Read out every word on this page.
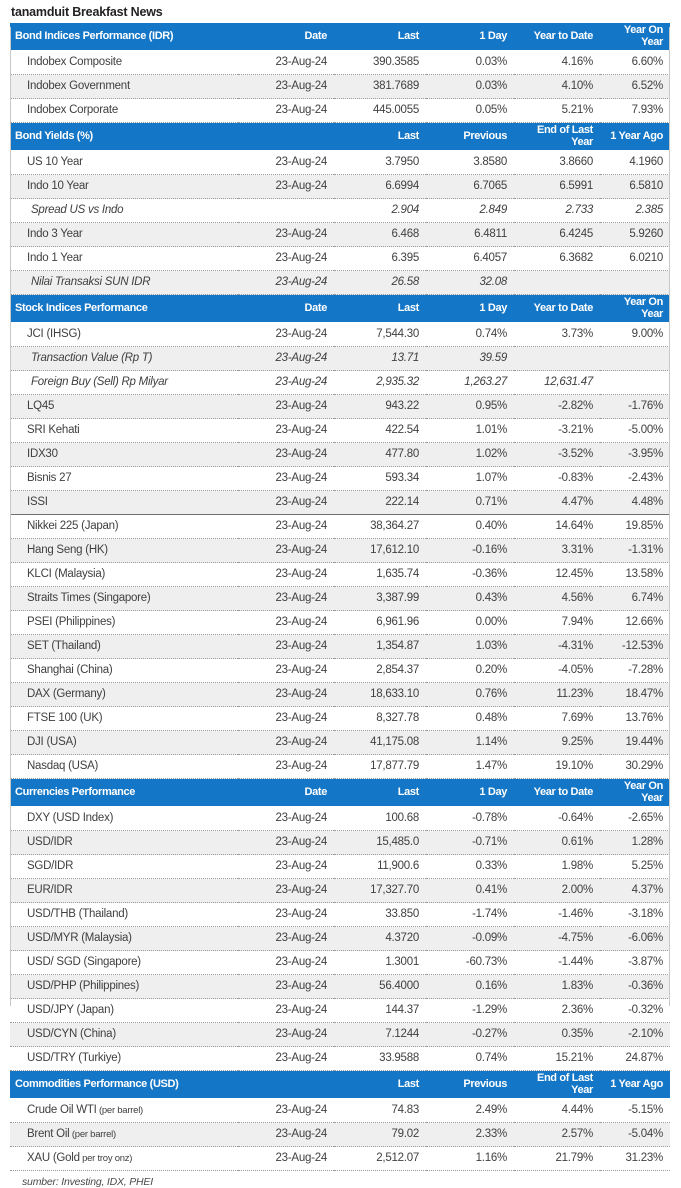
tanamduit Breakfast News
Bond Indices Performance (IDR)	Date	Last	1 Day	Year to Date	Year On Year
Indobex Composite	23-Aug-24	390.3585	0.03%	4.16%	6.60%
Indobex Government	23-Aug-24	381.7689	0.03%	4.10%	6.52%
Indobex Corporate	23-Aug-24	445.0055	0.05%	5.21%	7.93%
Bond Yields (%)		Last	Previous	End of Last Year	1 Year Ago
US 10 Year	23-Aug-24	3.7950	3.8580	3.8660	4.1960
Indo 10 Year	23-Aug-24	6.6994	6.7065	6.5991	6.5810
Spread US vs Indo		2.904	2.849	2.733	2.385
Indo 3 Year	23-Aug-24	6.468	6.4811	6.4245	5.9260
Indo 1 Year	23-Aug-24	6.395	6.4057	6.3682	6.0210
Nilai Transaksi SUN IDR	23-Aug-24	26.58	32.08		
Stock Indices Performance	Date	Last	1 Day	Year to Date	Year On Year
JCI (IHSG)	23-Aug-24	7,544.30	0.74%	3.73%	9.00%
Transaction Value (Rp T)	23-Aug-24	13.71	39.59		
Foreign Buy (Sell) Rp Milyar	23-Aug-24	2,935.32	1,263.27	12,631.47	
LQ45	23-Aug-24	943.22	0.95%	-2.82%	-1.76%
SRI Kehati	23-Aug-24	422.54	1.01%	-3.21%	-5.00%
IDX30	23-Aug-24	477.80	1.02%	-3.52%	-3.95%
Bisnis 27	23-Aug-24	593.34	1.07%	-0.83%	-2.43%
ISSI	23-Aug-24	222.14	0.71%	4.47%	4.48%
Nikkei 225 (Japan)	23-Aug-24	38,364.27	0.40%	14.64%	19.85%
Hang Seng (HK)	23-Aug-24	17,612.10	-0.16%	3.31%	-1.31%
KLCI (Malaysia)	23-Aug-24	1,635.74	-0.36%	12.45%	13.58%
Straits Times (Singapore)	23-Aug-24	3,387.99	0.43%	4.56%	6.74%
PSEI (Philippines)	23-Aug-24	6,961.96	0.00%	7.94%	12.66%
SET (Thailand)	23-Aug-24	1,354.87	1.03%	-4.31%	-12.53%
Shanghai (China)	23-Aug-24	2,854.37	0.20%	-4.05%	-7.28%
DAX (Germany)	23-Aug-24	18,633.10	0.76%	11.23%	18.47%
FTSE 100 (UK)	23-Aug-24	8,327.78	0.48%	7.69%	13.76%
DJI (USA)	23-Aug-24	41,175.08	1.14%	9.25%	19.44%
Nasdaq (USA)	23-Aug-24	17,877.79	1.47%	19.10%	30.29%
Currencies Performance	Date	Last	1 Day	Year to Date	Year On Year
DXY (USD Index)	23-Aug-24	100.68	-0.78%	-0.64%	-2.65%
USD/IDR	23-Aug-24	15,485.0	-0.71%	0.61%	1.28%
SGD/IDR	23-Aug-24	11,900.6	0.33%	1.98%	5.25%
EUR/IDR	23-Aug-24	17,327.70	0.41%	2.00%	4.37%
USD/THB (Thailand)	23-Aug-24	33.850	-1.74%	-1.46%	-3.18%
USD/MYR (Malaysia)	23-Aug-24	4.3720	-0.09%	-4.75%	-6.06%
USD/ SGD (Singapore)	23-Aug-24	1.3001	-60.73%	-1.44%	-3.87%
USD/PHP (Philippines)	23-Aug-24	56.4000	0.16%	1.83%	-0.36%
USD/JPY (Japan)	23-Aug-24	144.37	-1.29%	2.36%	-0.32%
USD/CYN (China)	23-Aug-24	7.1244	-0.27%	0.35%	-2.10%
USD/TRY (Turkiye)	23-Aug-24	33.9588	0.74%	15.21%	24.87%
Commodities Performance (USD)		Last	Previous	End of Last Year	1 Year Ago
Crude Oil WTI (per barrel)	23-Aug-24	74.83	2.49%	4.44%	-5.15%
Brent Oil (per barrel)	23-Aug-24	79.02	2.33%	2.57%	-5.04%
XAU (Gold per troy onz)	23-Aug-24	2,512.07	1.16%	21.79%	31.23%
sumber: Investing, IDX, PHEI
